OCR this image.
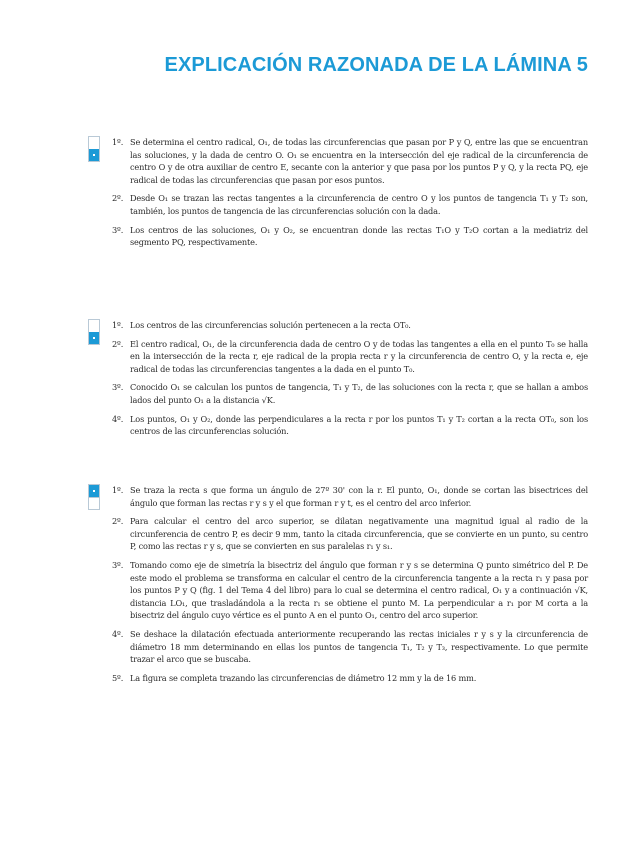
EXPLICACIÓN RAZONADA DE LA LÁMINA 5
1º. Se determina el centro radical, O₁, de todas las circunferencias que pasan por P y Q, entre las que se encuentran las soluciones, y la dada de centro O. O₁ se encuentra en la intersección del eje radical de la circunferencia de centro O y de otra auxiliar de centro E, secante con la anterior y que pasa por los puntos P y Q, y la recta PQ, eje radical de todas las circunferencias que pasan por esos puntos.
2º. Desde O₁ se trazan las rectas tangentes a la circunferencia de centro O y los puntos de tangencia T₁ y T₂ son, también, los puntos de tangencia de las circunferencias solución con la dada.
3º. Los centros de las soluciones, O₁ y O₂, se encuentran donde las rectas T₁O y T₂O cortan a la mediatriz del segmento PQ, respectivamente.
1º. Los centros de las circunferencias solución pertenecen a la recta OT₀.
2º. El centro radical, O₁, de la circunferencia dada de centro O y de todas las tangentes a ella en el punto T₀ se halla en la intersección de la recta r, eje radical de la propia recta r y la circunferencia de centro O, y la recta e, eje radical de todas las circunferencias tangentes a la dada en el punto T₀.
3º. Conocido O₁ se calculan los puntos de tangencia, T₁ y T₂, de las soluciones con la recta r, que se hallan a ambos lados del punto O₁ a la distancia √K.
4º. Los puntos, O₁ y O₂, donde las perpendiculares a la recta r por los puntos T₁ y T₂ cortan a la recta OT₀, son los centros de las circunferencias solución.
1º. Se traza la recta s que forma un ángulo de 27º 30' con la r. El punto, O₁, donde se cortan las bisectrices del ángulo que forman las rectas r y s y el que forman r y t, es el centro del arco inferior.
2º. Para calcular el centro del arco superior, se dilatan negativamente una magnitud igual al radio de la circunferencia de centro P, es decir 9 mm, tanto la citada circunferencia, que se convierte en un punto, su centro P, como las rectas r y s, que se convierten en sus paralelas r₁ y s₁.
3º. Tomando como eje de simetría la bisectriz del ángulo que forman r y s se determina Q punto simétrico del P. De este modo el problema se transforma en calcular el centro de la circunferencia tangente a la recta r₁ y pasa por los puntos P y Q (fig. 1 del Tema 4 del libro) para lo cual se determina el centro radical, O₁ y a continuación √K, distancia LO₁, que trasladándola a la recta r₁ se obtiene el punto M. La perpendicular a r₁ por M corta a la bisectriz del ángulo cuyo vértice es el punto A en el punto O₁, centro del arco superior.
4º. Se deshace la dilatación efectuada anteriormente recuperando las rectas iniciales r y s y la circunferencia de diámetro 18 mm determinando en ellas los puntos de tangencia T₁, T₂ y T₃, respectivamente. Lo que permite trazar el arco que se buscaba.
5º. La figura se completa trazando las circunferencias de diámetro 12 mm y la de 16 mm.
